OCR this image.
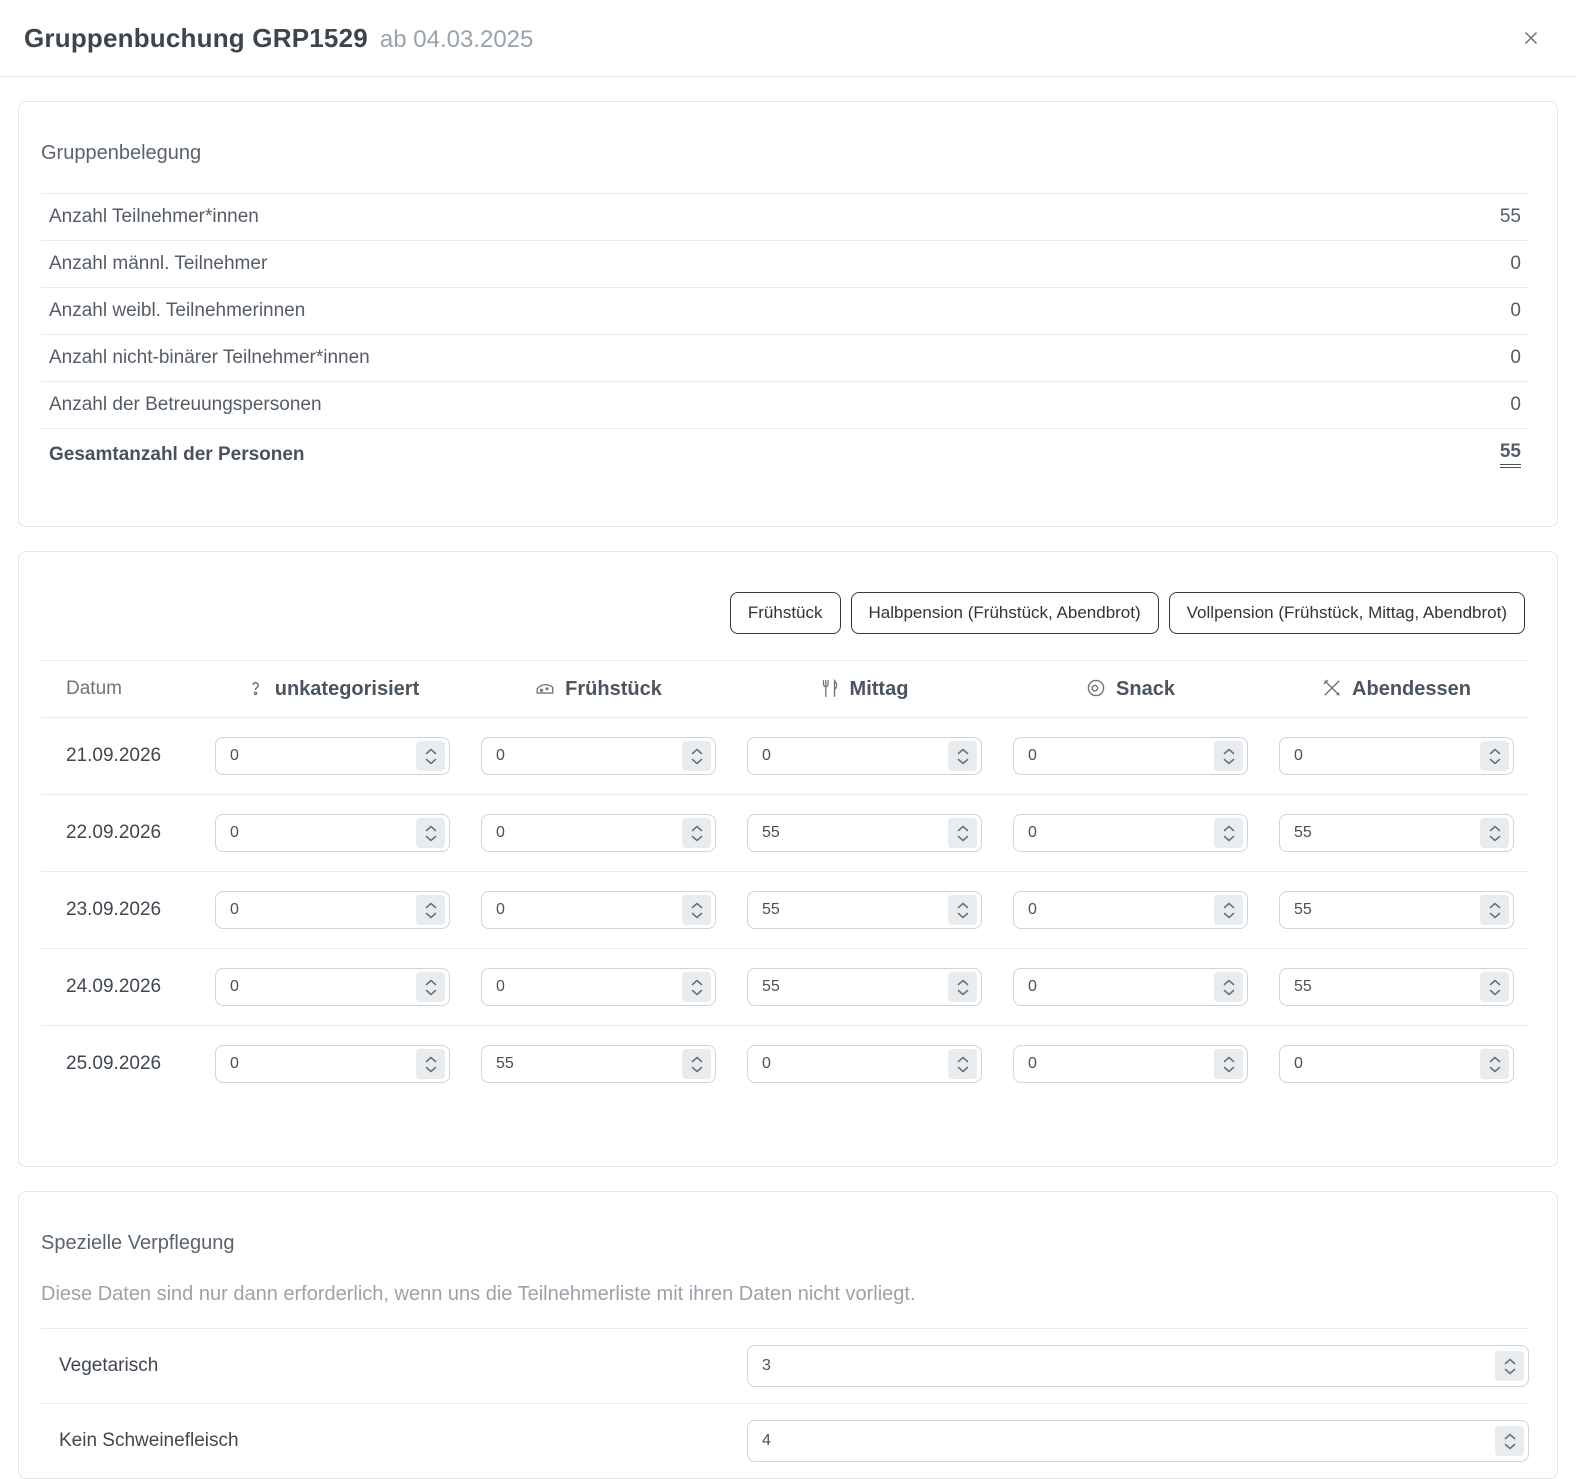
Gruppenbuchung GRP1529 ab 04.03.2025
Gruppenbelegung
Anzahl Teilnehmer*innen	55
Anzahl männl. Teilnehmer	0
Anzahl weibl. Teilnehmerinnen	0
Anzahl nicht-binärer Teilnehmer*innen	0
Anzahl der Betreuungspersonen	0
Gesamtanzahl der Personen	55
Frühstück	Halbpension (Frühstück, Abendbrot)	Vollpension (Frühstück, Mittag, Abendbrot)
Datum	unkategorisiert	Frühstück	Mittag	Snack	Abendessen
21.09.2026	0	0	0	0	0

22.09.2026	0	0	55	0	55

23.09.2026	0	0	55	0	55

24.09.2026	0	0	55	0	55

25.09.2026	0	55	0	0	0
Spezielle Verpflegung
Diese Daten sind nur dann erforderlich, wenn uns die Teilnehmerliste mit ihren Daten nicht vorliegt.
Vegetarisch	3
Kein Schweinefleisch	4
